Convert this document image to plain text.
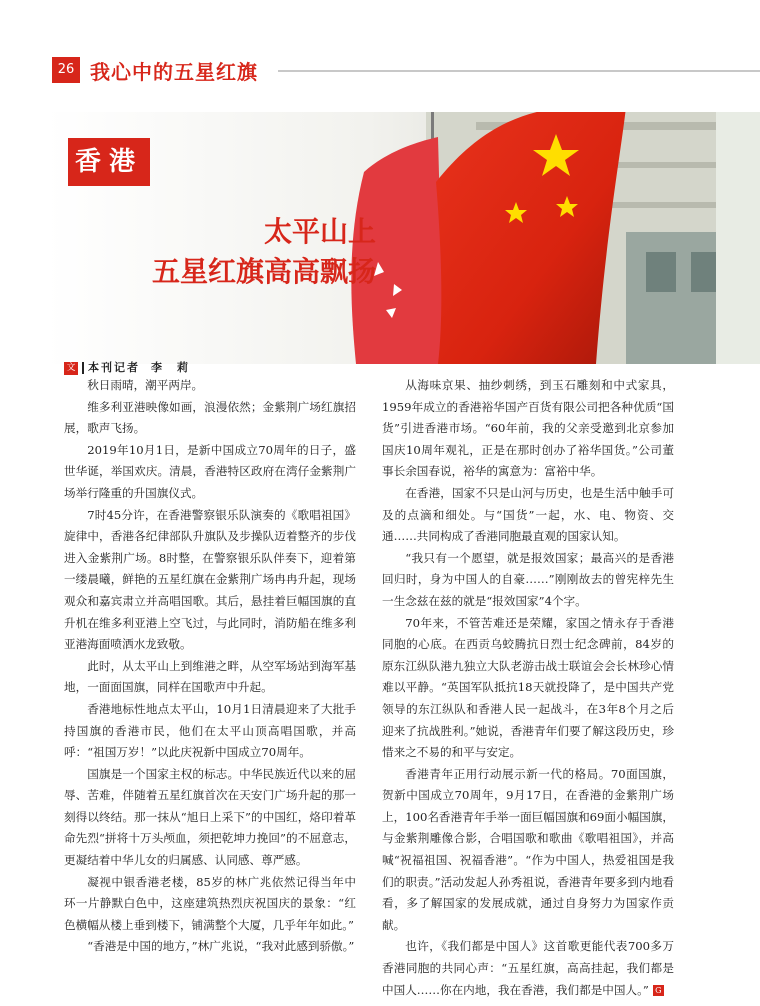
26 我心中的五星红旗
香港
太平山上
五星红旗高高飘扬
文 本刊记者　 李　莉

秋日雨晴，潮平两岸。

维多利亚港映像如画，浪漫依然；金紫荆广场红旗招展，歌声飞扬。

2019年10月1日，是新中国成立70周年的日子，盛世华诞，举国欢庆。清晨，香港特区政府在湾仔金紫荆广场举行隆重的升国旗仪式。

7时45分许，在香港警察银乐队演奏的《歌唱祖国》旋律中，香港各纪律部队升旗队及步操队迈着整齐的步伐进入金紫荆广场。8时整，在警察银乐队伴奏下，迎着第一缕晨曦，鲜艳的五星红旗在金紫荆广场冉冉升起，现场观众和嘉宾肃立并高唱国歌。其后，悬挂着巨幅国旗的直升机在维多利亚港上空飞过，与此同时，消防船在维多利亚港海面喷洒水龙致敬。

此时，从太平山上到维港之畔，从空军场站到海军基地，一面面国旗，同样在国歌声中升起。

香港地标性地点太平山，10月1日清晨迎来了大批手持国旗的香港市民，他们在太平山顶高唱国歌，并高呼：“祖国万岁！”以此庆祝新中国成立70周年。

国旗是一个国家主权的标志。中华民族近代以来的屈辱、苦难，伴随着五星红旗首次在天安门广场升起的那一刻得以终结。那一抹从“旭日上采下”的中国红，烙印着革命先烈“拼将十万头颅血，须把乾坤力挽回”的不屈意志，更凝结着中华儿女的归属感、认同感、尊严感。

凝视中银香港老楼，85岁的林广兆依然记得当年中环一片静默白色中，这座建筑热烈庆祝国庆的景象：“红色横幅从楼上垂到楼下，铺满整个大厦，几乎年年如此。”

“香港是中国的地方，”林广兆说，“我对此感到骄傲。”

从海味京果、抽纱刺绣，到玉石雕刻和中式家具，1959年成立的香港裕华国产百货有限公司把各种优质“国货”引进香港市场。“60年前，我的父亲受邀到北京参加国庆10周年观礼，正是在那时创办了裕华国货。”公司董事长余国春说，裕华的寓意为：富裕中华。

在香港，国家不只是山河与历史，也是生活中触手可及的点滴和细处。与“国货”一起，水、电、物资、交通……共同构成了香港同胞最直观的国家认知。

“我只有一个愿望，就是报效国家；最高兴的是香港回归时，身为中国人的自豪……”刚刚故去的曾宪梓先生一生念兹在兹的就是“报效国家”4个字。

70年来，不管苦难还是荣耀，家国之情永存于香港同胞的心底。在西贡乌蛟腾抗日烈士纪念碑前，84岁的原东江纵队港九独立大队老游击战士联谊会会长林珍心情难以平静。“英国军队抵抗18天就投降了，是中国共产党领导的东江纵队和香港人民一起战斗，在3年8个月之后迎来了抗战胜利。”她说，香港青年们要了解这段历史，珍惜来之不易的和平与安定。

香港青年正用行动展示新一代的格局。70面国旗，贺新中国成立70周年，9月17日，在香港的金紫荆广场上，100名香港青年手举一面巨幅国旗和69面小幅国旗，与金紫荆雕像合影，合唱国歌和歌曲《歌唱祖国》，并高喊“祝福祖国、祝福香港”。“作为中国人，热爱祖国是我们的职责。”活动发起人孙秀祖说，香港青年要多到内地看看，多了解国家的发展成就，通过自身努力为国家作贡献。

也许，《我们都是中国人》这首歌更能代表700多万香港同胞的共同心声：“五星红旗，高高挂起，我们都是中国人……你在内地，我在香港，我们都是中国人。” G
